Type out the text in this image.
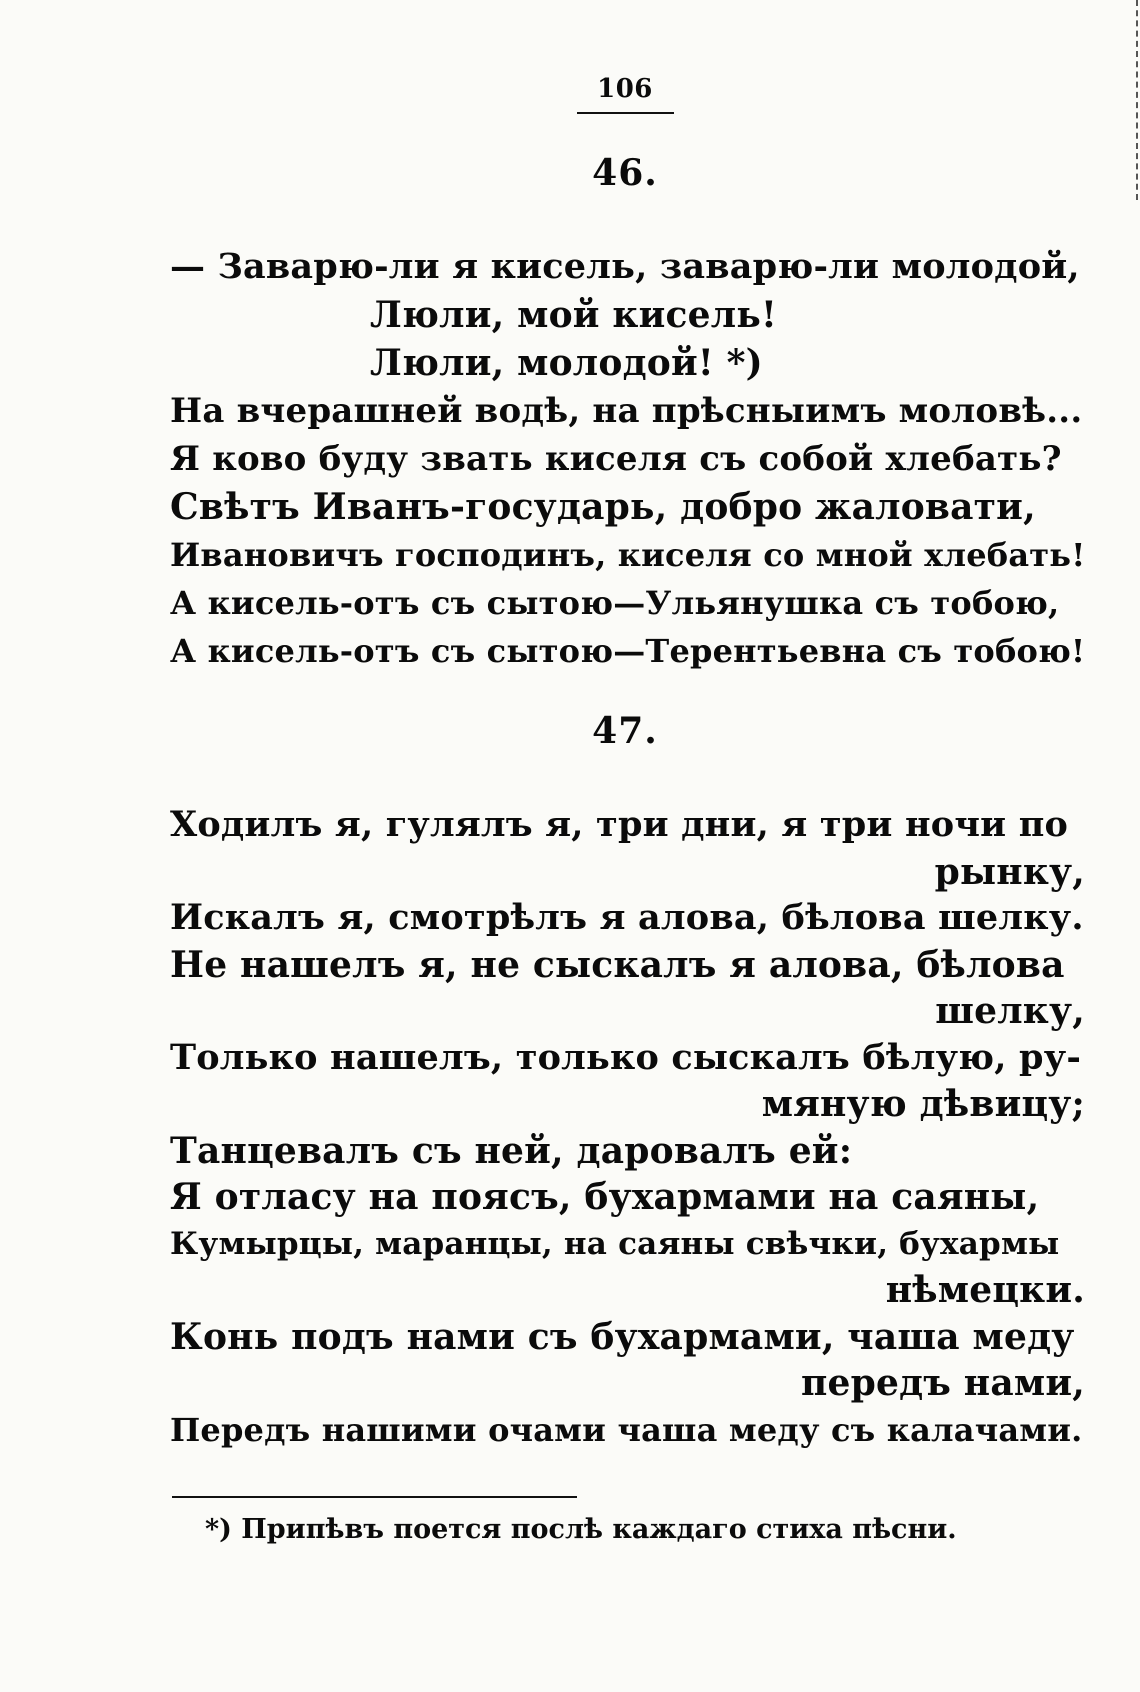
106
46.
— Заварю-ли я кисель, заварю-ли молодой,
Люли, мой кисель!
Люли, молодой! *)
На вчерашней водѣ, на прѣсныимъ моловѣ...
Я ково буду звать киселя съ собой хлебать?
Свѣтъ Иванъ-государь, добро жаловати,
Ивановичъ господинъ, киселя со мной хлебать!
А кисель-отъ съ сытою—Ульянушка съ тобою,
А кисель-отъ съ сытою—Терентьевна съ тобою!
47.
Ходилъ я, гулялъ я, три дни, я три ночи по
рынку,
Искалъ я, смотрѣлъ я алова, бѣлова шелку.
Не нашелъ я, не сыскалъ я алова, бѣлова
шелку,
Только нашелъ, только сыскалъ бѣлую, ру-
мяную дѣвицу;
Танцевалъ съ ней, даровалъ ей:
Я отласу на поясъ, бухармами на саяны,
Кумырцы, маранцы, на саяны свѣчки, бухармы
нѣмецки.
Конь подъ нами съ бухармами, чаша меду
передъ нами,
Передъ нашими очами чаша меду съ калачами.
*) Припѣвъ поется послѣ каждаго стиха пѣсни.
